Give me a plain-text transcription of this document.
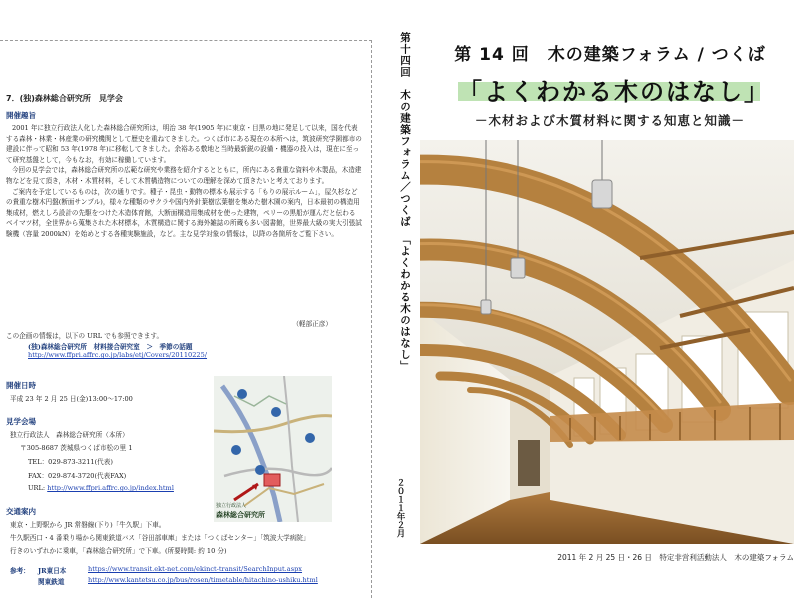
7．(独)森林総合研究所　見学会
開催趣旨

2001 年に独立行政法人化した森林総合研究所は，明治 38 年(1905 年)に東京・目黒の地に発足して以来，国を代表する森林・林業・林産業の研究機関として歴史を重ねてきました。つくば市にある現在の本所へは，筑波研究学園都市の建設に伴って昭和 53 年(1978 年)に移転してきました。余裕ある敷地と当時最新鋭の設備・機器の投入は，現在に至って研究基盤として，今もなお，有効に稼働しています。

今回の見学会では，森林総合研究所の広範な研究や業務を紹介するとともに，所内にある貴重な資料や木製品，木造建物などを見て頂き，木材・木質材料，そして木質構造物についての理解を深めて頂きたいと考えております。

ご案内を予定しているものは，次の通りです。種子・昆虫・動物の標本も展示する「もりの展示ルーム」，屋久杉などの貴重な樹木円盤(断面サンプル)，様々な種類のサクラや国内外針葉樹広葉樹を集めた樹木園の案内，日本最初の構造用集成材，燃えしろ設計の先駆をつけた木造体育館，大断面構造用集成材を使った建物，ペリーの黒船が運んだと伝わるベイマツ材，全世界から蒐集された木材標本，木質構造に関する海外雑誌の所蔵も多い図書館，世界最大級の実大引張試験機（容量 2000kN）を始めとする各種実験施設，など。主な見学対象の情報は，以降の各箇所をご覧下さい。

（軽部正彦）
この企画の情報は，以下の URL でも参照できます。
(独)森林総合研究所　材料接合研究室　＞　季節の話題
http://www.ffpri.affrc.go.jp/labs/etj/Covers/20110225/
開催日時
平成 23 年 2 月 25 日(金)13:00～17:00
見学会場
独立行政法人　森林総合研究所（本所）
〒305-8687 茨城県つくば市松の里 1
TEL：029-873-3211(代表)
FAX：029-874-3720(代表FAX)
URL: http://www.ffpri.affrc.go.jp/index.html
交通案内
東京・上野駅から JR 常磐線(下り)「牛久駅」下車。
牛久駅西口・4 番乗り場から関東鉄道バス「谷田部車庫」または「つくばセンター」「筑波大学病院」
行きのいずれかに乗車，「森林総合研究所」で下車。(所要時間: 約 10 分)
参考： JR東日本	https://www.transit.ekt-net.com/ekinct-transit/SearchInput.aspx
関東鉄道	http://www.kantetsu.co.jp/bus/rosen/timetable/hitachino-ushiku.html
独立行政法人
森林総合研究所
第十四回　木の建築フォラム／つくば　「よくわかる木のはなし」
２０１１年２月
第 14 回　木の建築フォラム / つくば
「よくわかる木のはなし」
－木材および木質材料に関する知恵と知識－
2011 年 2 月 25 日・26 日　特定非営利活動法人　木の建築フォラム
